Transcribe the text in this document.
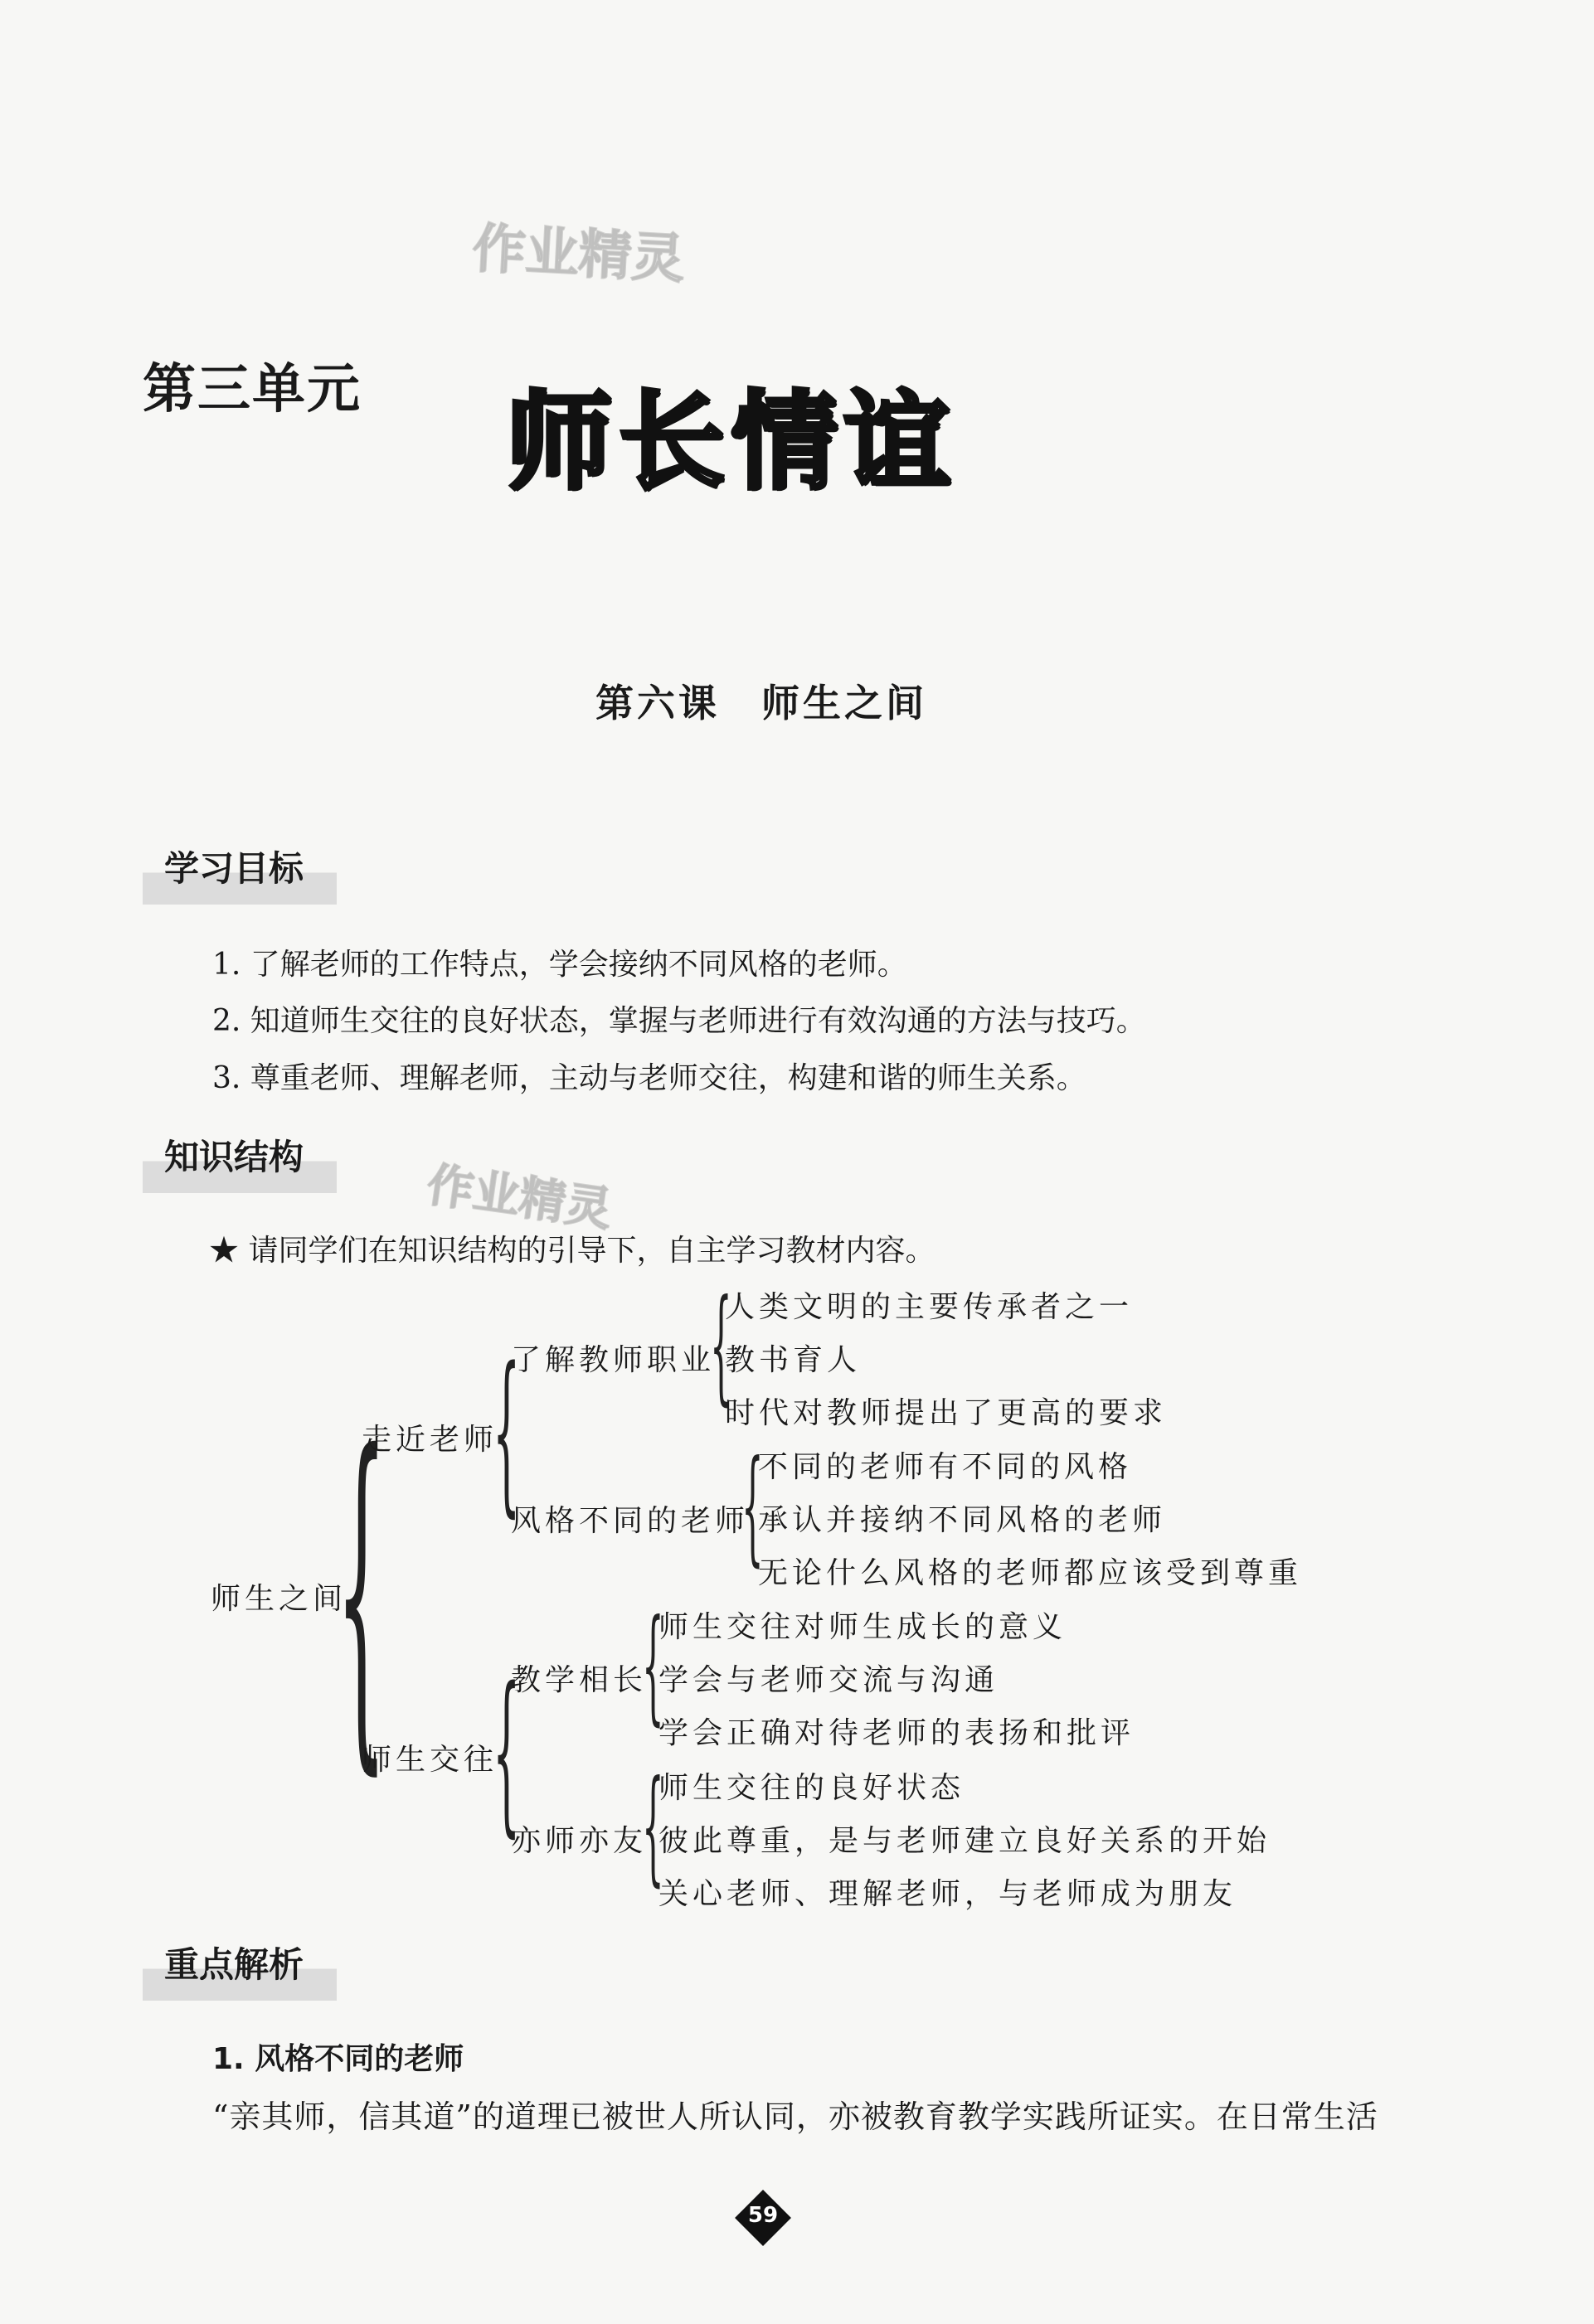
作业精灵
作业精灵
第三单元 师长情谊
第六课　师生之间
学习目标
1. 了解老师的工作特点，学会接纳不同风格的老师。
2. 知道师生交往的良好状态，掌握与老师进行有效沟通的方法与技巧。
3. 尊重老师、理解老师，主动与老师交往，构建和谐的师生关系。
知识结构
★ 请同学们在知识结构的引导下，自主学习教材内容。
师生之间
{
走近老师
{
了解教师职业
{
人类文明的主要传承者之一
教书育人
时代对教师提出了更高的要求
风格不同的老师
{
不同的老师有不同的风格
承认并接纳不同风格的老师
无论什么风格的老师都应该受到尊重
师生交往
{
教学相长
{
师生交往对师生成长的意义
学会与老师交流与沟通
学会正确对待老师的表扬和批评
亦师亦友
{
师生交往的良好状态
彼此尊重，是与老师建立良好关系的开始
关心老师、理解老师，与老师成为朋友
重点解析
1. 风格不同的老师
“亲其师，信其道”的道理已被世人所认同，亦被教育教学实践所证实。在日常生活
59
